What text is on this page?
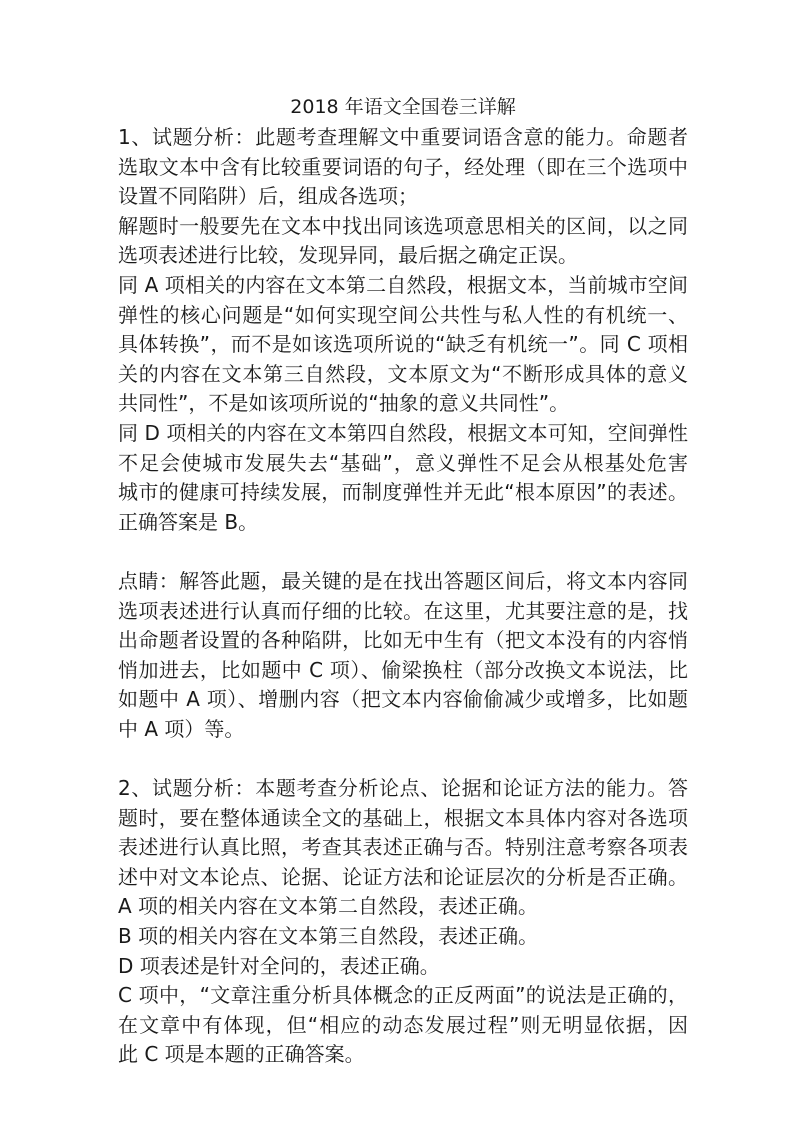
2018 年语文全国卷三详解
1、试题分析：此题考查理解文中重要词语含意的能力。命题者
选取文本中含有比较重要词语的句子，经处理（即在三个选项中
设置不同陷阱）后，组成各选项；
解题时一般要先在文本中找出同该选项意思相关的区间，以之同
选项表述进行比较，发现异同，最后据之确定正误。
同 A 项相关的内容在文本第二自然段，根据文本，当前城市空间
弹性的核心问题是“如何实现空间公共性与私人性的有机统一、
具体转换”，而不是如该选项所说的“缺乏有机统一”。同 C 项相
关的内容在文本第三自然段，文本原文为“不断形成具体的意义
共同性”，不是如该项所说的“抽象的意义共同性”。
同 D 项相关的内容在文本第四自然段，根据文本可知，空间弹性
不足会使城市发展失去“基础”，意义弹性不足会从根基处危害
城市的健康可持续发展，而制度弹性并无此“根本原因”的表述。
正确答案是 B。
点睛：解答此题，最关键的是在找出答题区间后，将文本内容同
选项表述进行认真而仔细的比较。在这里，尤其要注意的是，找
出命题者设置的各种陷阱，比如无中生有（把文本没有的内容悄
悄加进去，比如题中 C 项）、偷梁换柱（部分改换文本说法，比
如题中 A 项）、增删内容（把文本内容偷偷减少或增多，比如题
中 A 项）等。
2、试题分析：本题考查分析论点、论据和论证方法的能力。答
题时，要在整体通读全文的基础上，根据文本具体内容对各选项
表述进行认真比照，考查其表述正确与否。特别注意考察各项表
述中对文本论点、论据、论证方法和论证层次的分析是否正确。
A 项的相关内容在文本第二自然段，表述正确。
B 项的相关内容在文本第三自然段，表述正确。
D 项表述是针对全问的，表述正确。
C 项中，“文章注重分析具体概念的正反两面”的说法是正确的，
在文章中有体现，但“相应的动态发展过程”则无明显依据，因
此 C 项是本题的正确答案。
